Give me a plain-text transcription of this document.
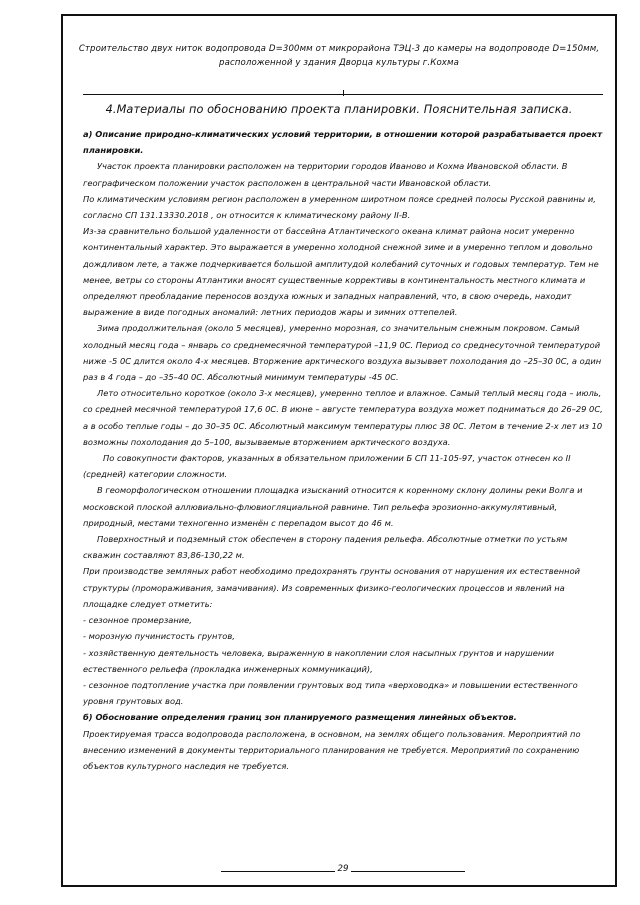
Строительство двух ниток водопровода D=300мм от микрорайона ТЭЦ-3 до камеры на водопроводе D=150мм,
расположенной у здания Дворца культуры г.Кохма
4.Материалы по обоснованию проекта планировки. Пояснительная записка.

а) Описание природно-климатических условий территории, в отношении которой разрабатывается проект планировки.

Участок проекта планировки расположен на территории городов Иваново и Кохма Ивановской области. В географическом положении участок расположен в центральной части Ивановской области.

По климатическим условиям регион расположен в умеренном широтном поясе средней полосы Русской равнины и, согласно СП 131.13330.2018 , он относится к климатическому району II-В.

Из-за сравнительно большой удаленности от бассейна Атлантического океана климат района носит умеренно континентальный характер. Это выражается в умеренно холодной снежной зиме и в умеренно теплом и довольно дождливом лете, а также подчеркивается большой амплитудой колебаний суточных и годовых температур. Тем не менее, ветры со стороны Атлантики вносят существенные коррективы в континентальность местного климата и определяют преобладание переносов воздуха южных и западных направлений, что, в свою очередь, находит выражение в виде погодных аномалий: летних периодов жары и зимних оттепелей.

Зима продолжительная (около 5 месяцев), умеренно морозная, со значительным снежным покровом. Самый холодный месяц года – январь со среднемесячной температурой –11,9 0С. Период со среднесуточной температурой ниже -5 0С длится около 4-х месяцев. Вторжение арктического воздуха вызывает похолодания до –25–30 0С, а один раз в 4 года – до –35–40 0С. Абсолютный минимум температуры -45 0С.

Лето относительно короткое (около 3-х месяцев), умеренно теплое и влажное. Самый теплый месяц года – июль, со средней месячной температурой 17,6 0С. В июне – августе температура воздуха может подниматься до 26–29 0С, а в особо теплые годы – до 30–35 0С. Абсолютный максимум температуры плюс 38 0С. Летом в течение 2-х лет из 10 возможны похолодания до 5–100, вызываемые вторжением арктического воздуха.

По совокупности факторов, указанных в обязательном приложении Б СП 11-105-97, участок отнесен ко II (средней) категории сложности.

В геоморфологическом отношении площадка изысканий относится к коренному склону долины реки Волга и московской плоской аллювиально-флювиогляциальной равнине. Тип рельефа эрозионно-аккумулятивный, природный, местами техногенно изменён с перепадом высот до 46 м.

Поверхностный и подземный сток обеспечен в сторону падения рельефа. Абсолютные отметки по устьям скважин составляют 83,86-130,22 м.

При производстве земляных работ необходимо предохранять грунты основания от нарушения их естественной структуры (промораживания, замачивания). Из современных физико-геологических процессов и явлений на площадке следует отметить:

- сезонное промерзание,

- морозную пучинистость грунтов,

- хозяйственную деятельность человека, выраженную в накоплении слоя насыпных грунтов и нарушении естественного рельефа (прокладка инженерных коммуникаций),

- сезонное подтопление участка при появлении грунтовых вод типа «верховодка» и повышении естественного уровня грунтовых вод.

б) Обоснование определения границ зон планируемого размещения линейных объектов.

Проектируемая трасса водопровода расположена, в основном, на землях общего пользования. Мероприятий по внесению изменений в документы территориального планирования не требуется. Мероприятий по сохранению объектов культурного наследия не требуется.

29
